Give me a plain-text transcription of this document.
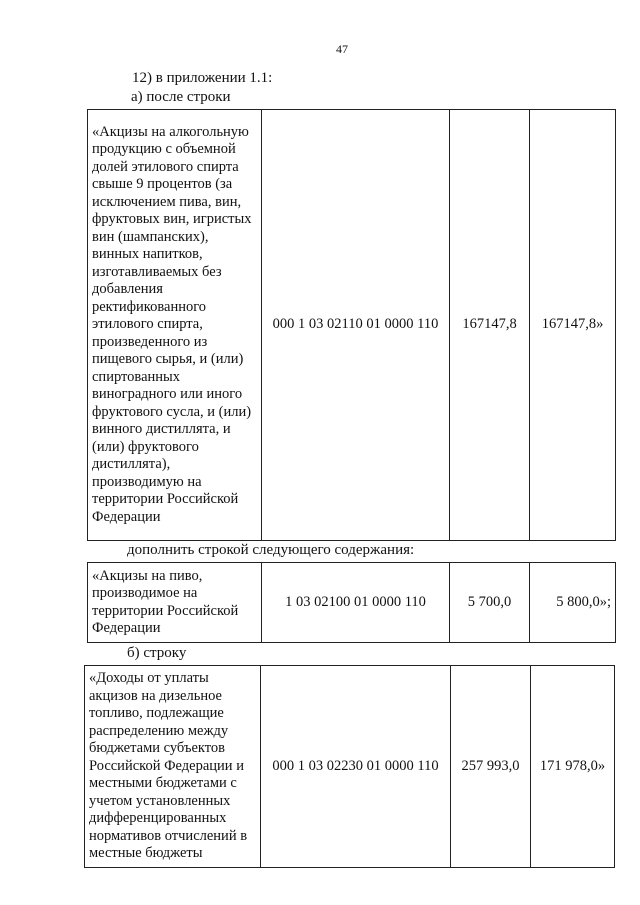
47
12) в приложении 1.1:
а) после строки
«Акцизы на алкогольную продукцию с объемной долей этилового спирта свыше 9 процентов (за исключением пива, вин, фруктовых вин, игристых вин (шампанских), винных напитков, изготавливаемых без добавления ректификованного этилового спирта, произведенного из пищевого сырья, и (или) спиртованных виноградного или иного фруктового сусла, и (или) винного дистиллята, и (или) фруктового дистиллята), производимую на территории Российской Федерации	000 1 03 02110 01 0000 110	167147,8	167147,8»
дополнить строкой следующего содержания:
«Акцизы на пиво, производимое на территории Российской Федерации	1 03 02100 01 0000 110	5 700,0	5 800,0»;
б) строку
«Доходы от уплаты акцизов на дизельное топливо, подлежащие распределению между бюджетами субъектов Российской Федерации и местными бюджетами с учетом установленных дифференцированных нормативов отчислений в местные бюджеты	000 1 03 02230 01 0000 110	257 993,0	171 978,0»
